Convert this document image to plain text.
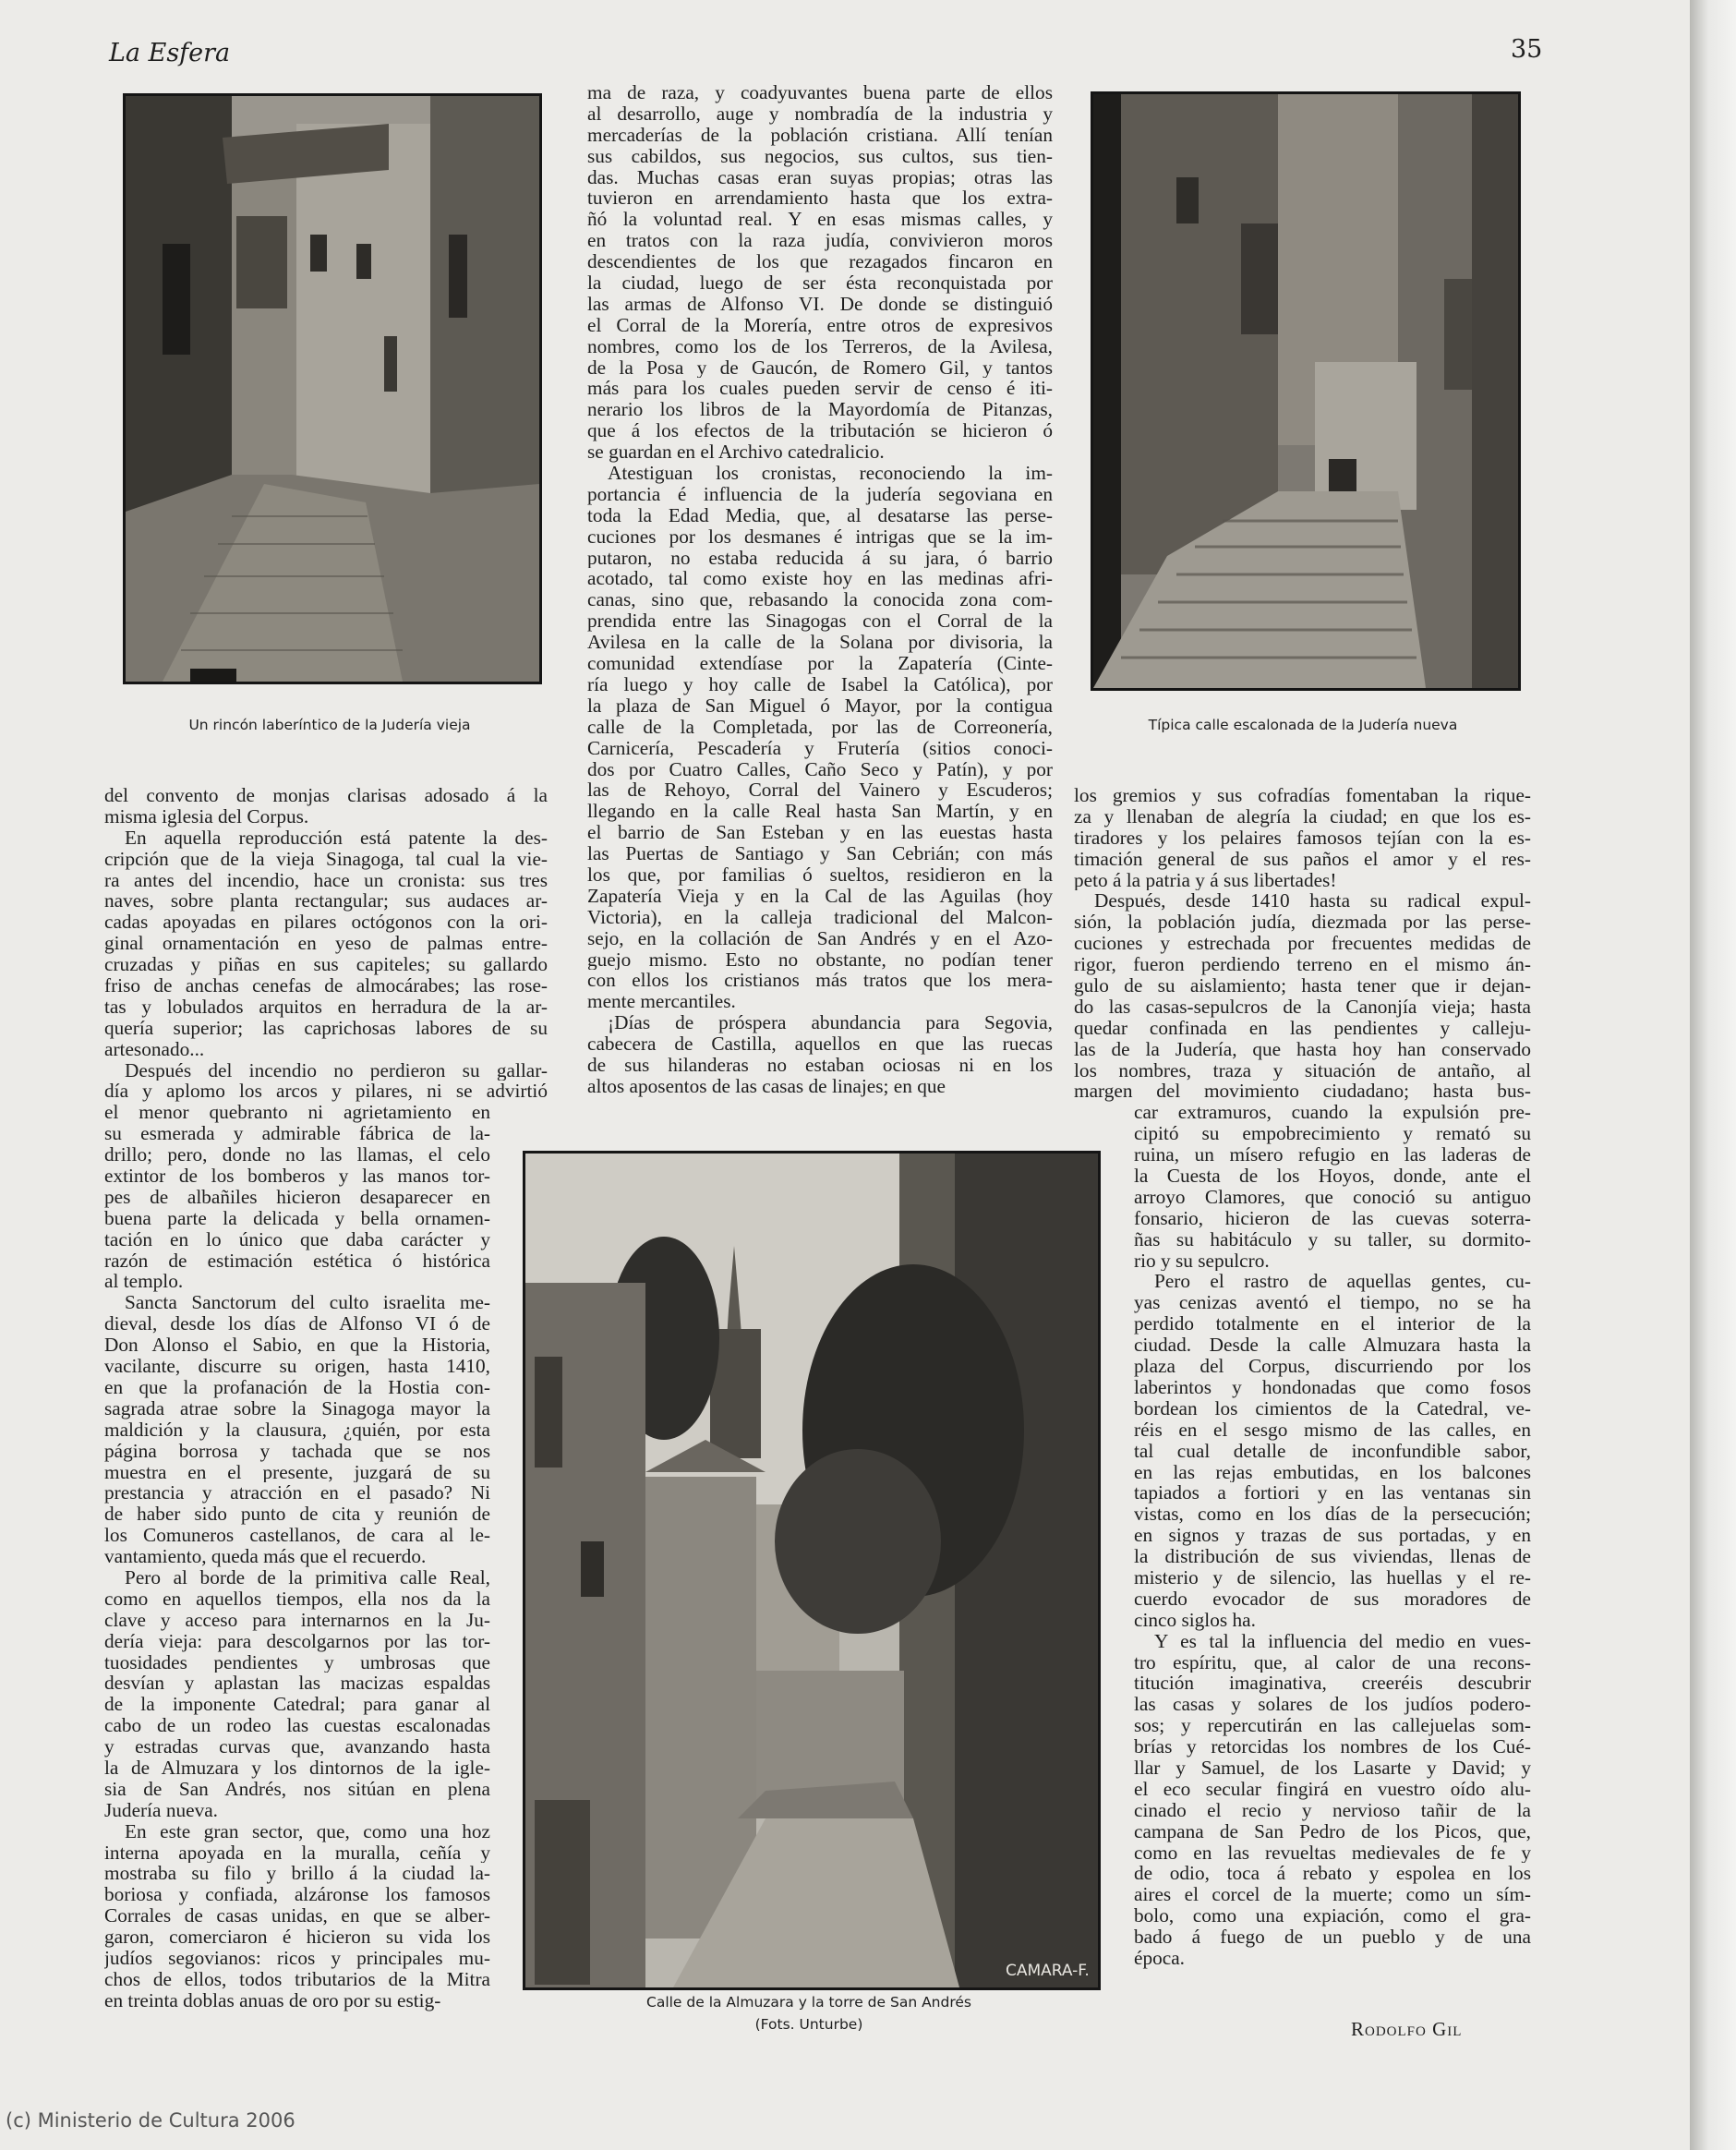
La Esfera	35
Un rincón laberíntico de la Judería vieja	Típica calle escalonada de la Judería nueva
CAMARA-F.
Calle de la Almuzara y la torre de San Andrés
(Fots. Unturbe)
ma de raza, y coadyuvantes buena parte de ellos
al desarrollo, auge y nombradía de la industria y
mercaderías de la población cristiana. Allí tenían
sus cabildos, sus negocios, sus cultos, sus tien-
das. Muchas casas eran suyas propias; otras las
tuvieron en arrendamiento hasta que los extra-
ñó la voluntad real. Y en esas mismas calles, y
en tratos con la raza judía, convivieron moros
descendientes de los que rezagados fincaron en
la ciudad, luego de ser ésta reconquistada por
las armas de Alfonso VI. De donde se distinguió
el Corral de la Morería, entre otros de expresivos
nombres, como los de los Terreros, de la Avilesa,
de la Posa y de Gaucón, de Romero Gil, y tantos
más para los cuales pueden servir de censo é iti-
nerario los libros de la Mayordomía de Pitanzas,
que á los efectos de la tributación se hicieron ó
se guardan en el Archivo catedralicio.
Atestiguan los cronistas, reconociendo la im-
portancia é influencia de la judería segoviana en
toda la Edad Media, que, al desatarse las perse-
cuciones por los desmanes é intrigas que se la im-
putaron, no estaba reducida á su jara, ó barrio
acotado, tal como existe hoy en las medinas afri-
canas, sino que, rebasando la conocida zona com-
prendida entre las Sinagogas con el Corral de la
Avilesa en la calle de la Solana por divisoria, la
comunidad extendíase por la Zapatería (Cinte-
ría luego y hoy calle de Isabel la Católica), por
la plaza de San Miguel ó Mayor, por la contigua
calle de la Completada, por las de Correonería,
Carnicería, Pescadería y Frutería (sitios conoci-
dos por Cuatro Calles, Caño Seco y Patín), y por
las de Rehoyo, Corral del Vainero y Escuderos;
llegando en la calle Real hasta San Martín, y en
el barrio de San Esteban y en las euestas hasta
las Puertas de Santiago y San Cebrián; con más
los que, por familias ó sueltos, residieron en la
Zapatería Vieja y en la Cal de las Aguilas (hoy
Victoria), en la calleja tradicional del Malcon-
sejo, en la collación de San Andrés y en el Azo-
guejo mismo. Esto no obstante, no podían tener
con ellos los cristianos más tratos que los mera-
mente mercantiles.
¡Días de próspera abundancia para Segovia,
cabecera de Castilla, aquellos en que las ruecas
de sus hilanderas no estaban ociosas ni en los
altos aposentos de las casas de linajes; en que
del convento de monjas clarisas adosado á la
misma iglesia del Corpus.
En aquella reproducción está patente la des-
cripción que de la vieja Sinagoga, tal cual la vie-
ra antes del incendio, hace un cronista: sus tres
naves, sobre planta rectangular; sus audaces ar-
cadas apoyadas en pilares octógonos con la ori-
ginal ornamentación en yeso de palmas entre-
cruzadas y piñas en sus capiteles; su gallardo
friso de anchas cenefas de almocárabes; las rose-
tas y lobulados arquitos en herradura de la ar-
quería superior; las caprichosas labores de su
artesonado...
Después del incendio no perdieron su gallar-
día y aplomo los arcos y pilares, ni se advirtió
el menor quebranto ni agrietamiento en
su esmerada y admirable fábrica de la-
drillo; pero, donde no las llamas, el celo
extintor de los bomberos y las manos tor-
pes de albañiles hicieron desaparecer en
buena parte la delicada y bella ornamen-
tación en lo único que daba carácter y
razón de estimación estética ó histórica
al templo.
Sancta Sanctorum del culto israelita me-
dieval, desde los días de Alfonso VI ó de
Don Alonso el Sabio, en que la Historia,
vacilante, discurre su origen, hasta 1410,
en que la profanación de la Hostia con-
sagrada atrae sobre la Sinagoga mayor la
maldición y la clausura, ¿quién, por esta
página borrosa y tachada que se nos
muestra en el presente, juzgará de su
prestancia y atracción en el pasado? Ni
de haber sido punto de cita y reunión de
los Comuneros castellanos, de cara al le-
vantamiento, queda más que el recuerdo.
Pero al borde de la primitiva calle Real,
como en aquellos tiempos, ella nos da la
clave y acceso para internarnos en la Ju-
dería vieja: para descolgarnos por las tor-
tuosidades pendientes y umbrosas que
desvían y aplastan las macizas espaldas
de la imponente Catedral; para ganar al
cabo de un rodeo las cuestas escalonadas
y estradas curvas que, avanzando hasta
la de Almuzara y los dintornos de la igle-
sia de San Andrés, nos sitúan en plena
Judería nueva.
En este gran sector, que, como una hoz
interna apoyada en la muralla, ceñía y
mostraba su filo y brillo á la ciudad la-
boriosa y confiada, alzáronse los famosos
Corrales de casas unidas, en que se alber-
garon, comerciaron é hicieron su vida los
judíos segovianos: ricos y principales mu-
chos de ellos, todos tributarios de la Mitra
en treinta doblas anuas de oro por su estig-
los gremios y sus cofradías fomentaban la rique-
za y llenaban de alegría la ciudad; en que los es-
tiradores y los pelaires famosos tejían con la es-
timación general de sus paños el amor y el res-
peto á la patria y á sus libertades!
Después, desde 1410 hasta su radical expul-
sión, la población judía, diezmada por las perse-
cuciones y estrechada por frecuentes medidas de
rigor, fueron perdiendo terreno en el mismo án-
gulo de su aislamiento; hasta tener que ir dejan-
do las casas-sepulcros de la Canonjía vieja; hasta
quedar confinada en las pendientes y calleju-
las de la Judería, que hasta hoy han conservado
los nombres, traza y situación de antaño, al
margen del movimiento ciudadano; hasta bus-
car extramuros, cuando la expulsión pre-
cipitó su empobrecimiento y remató su
ruina, un mísero refugio en las laderas de
la Cuesta de los Hoyos, donde, ante el
arroyo Clamores, que conoció su antiguo
fonsario, hicieron de las cuevas soterra-
ñas su habitáculo y su taller, su dormito-
rio y su sepulcro.
Pero el rastro de aquellas gentes, cu-
yas cenizas aventó el tiempo, no se ha
perdido totalmente en el interior de la
ciudad. Desde la calle Almuzara hasta la
plaza del Corpus, discurriendo por los
laberintos y hondonadas que como fosos
bordean los cimientos de la Catedral, ve-
réis en el sesgo mismo de las calles, en
tal cual detalle de inconfundible sabor,
en las rejas embutidas, en los balcones
tapiados a fortiori y en las ventanas sin
vistas, como en los días de la persecución;
en signos y trazas de sus portadas, y en
la distribución de sus viviendas, llenas de
misterio y de silencio, las huellas y el re-
cuerdo evocador de sus moradores de
cinco siglos ha.
Y es tal la influencia del medio en vues-
tro espíritu, que, al calor de una recons-
titución imaginativa, creeréis descubrir
las casas y solares de los judíos podero-
sos; y repercutirán en las callejuelas som-
brías y retorcidas los nombres de los Cué-
llar y Samuel, de los Lasarte y David; y
el eco secular fingirá en vuestro oído alu-
cinado el recio y nervioso tañir de la
campana de San Pedro de los Picos, que,
como en las revueltas medievales de fe y
de odio, toca á rebato y espolea en los
aires el corcel de la muerte; como un sím-
bolo, como una expiación, como el gra-
bado á fuego de un pueblo y de una
época.
Rodolfo Gil
(c) Ministerio de Cultura 2006
